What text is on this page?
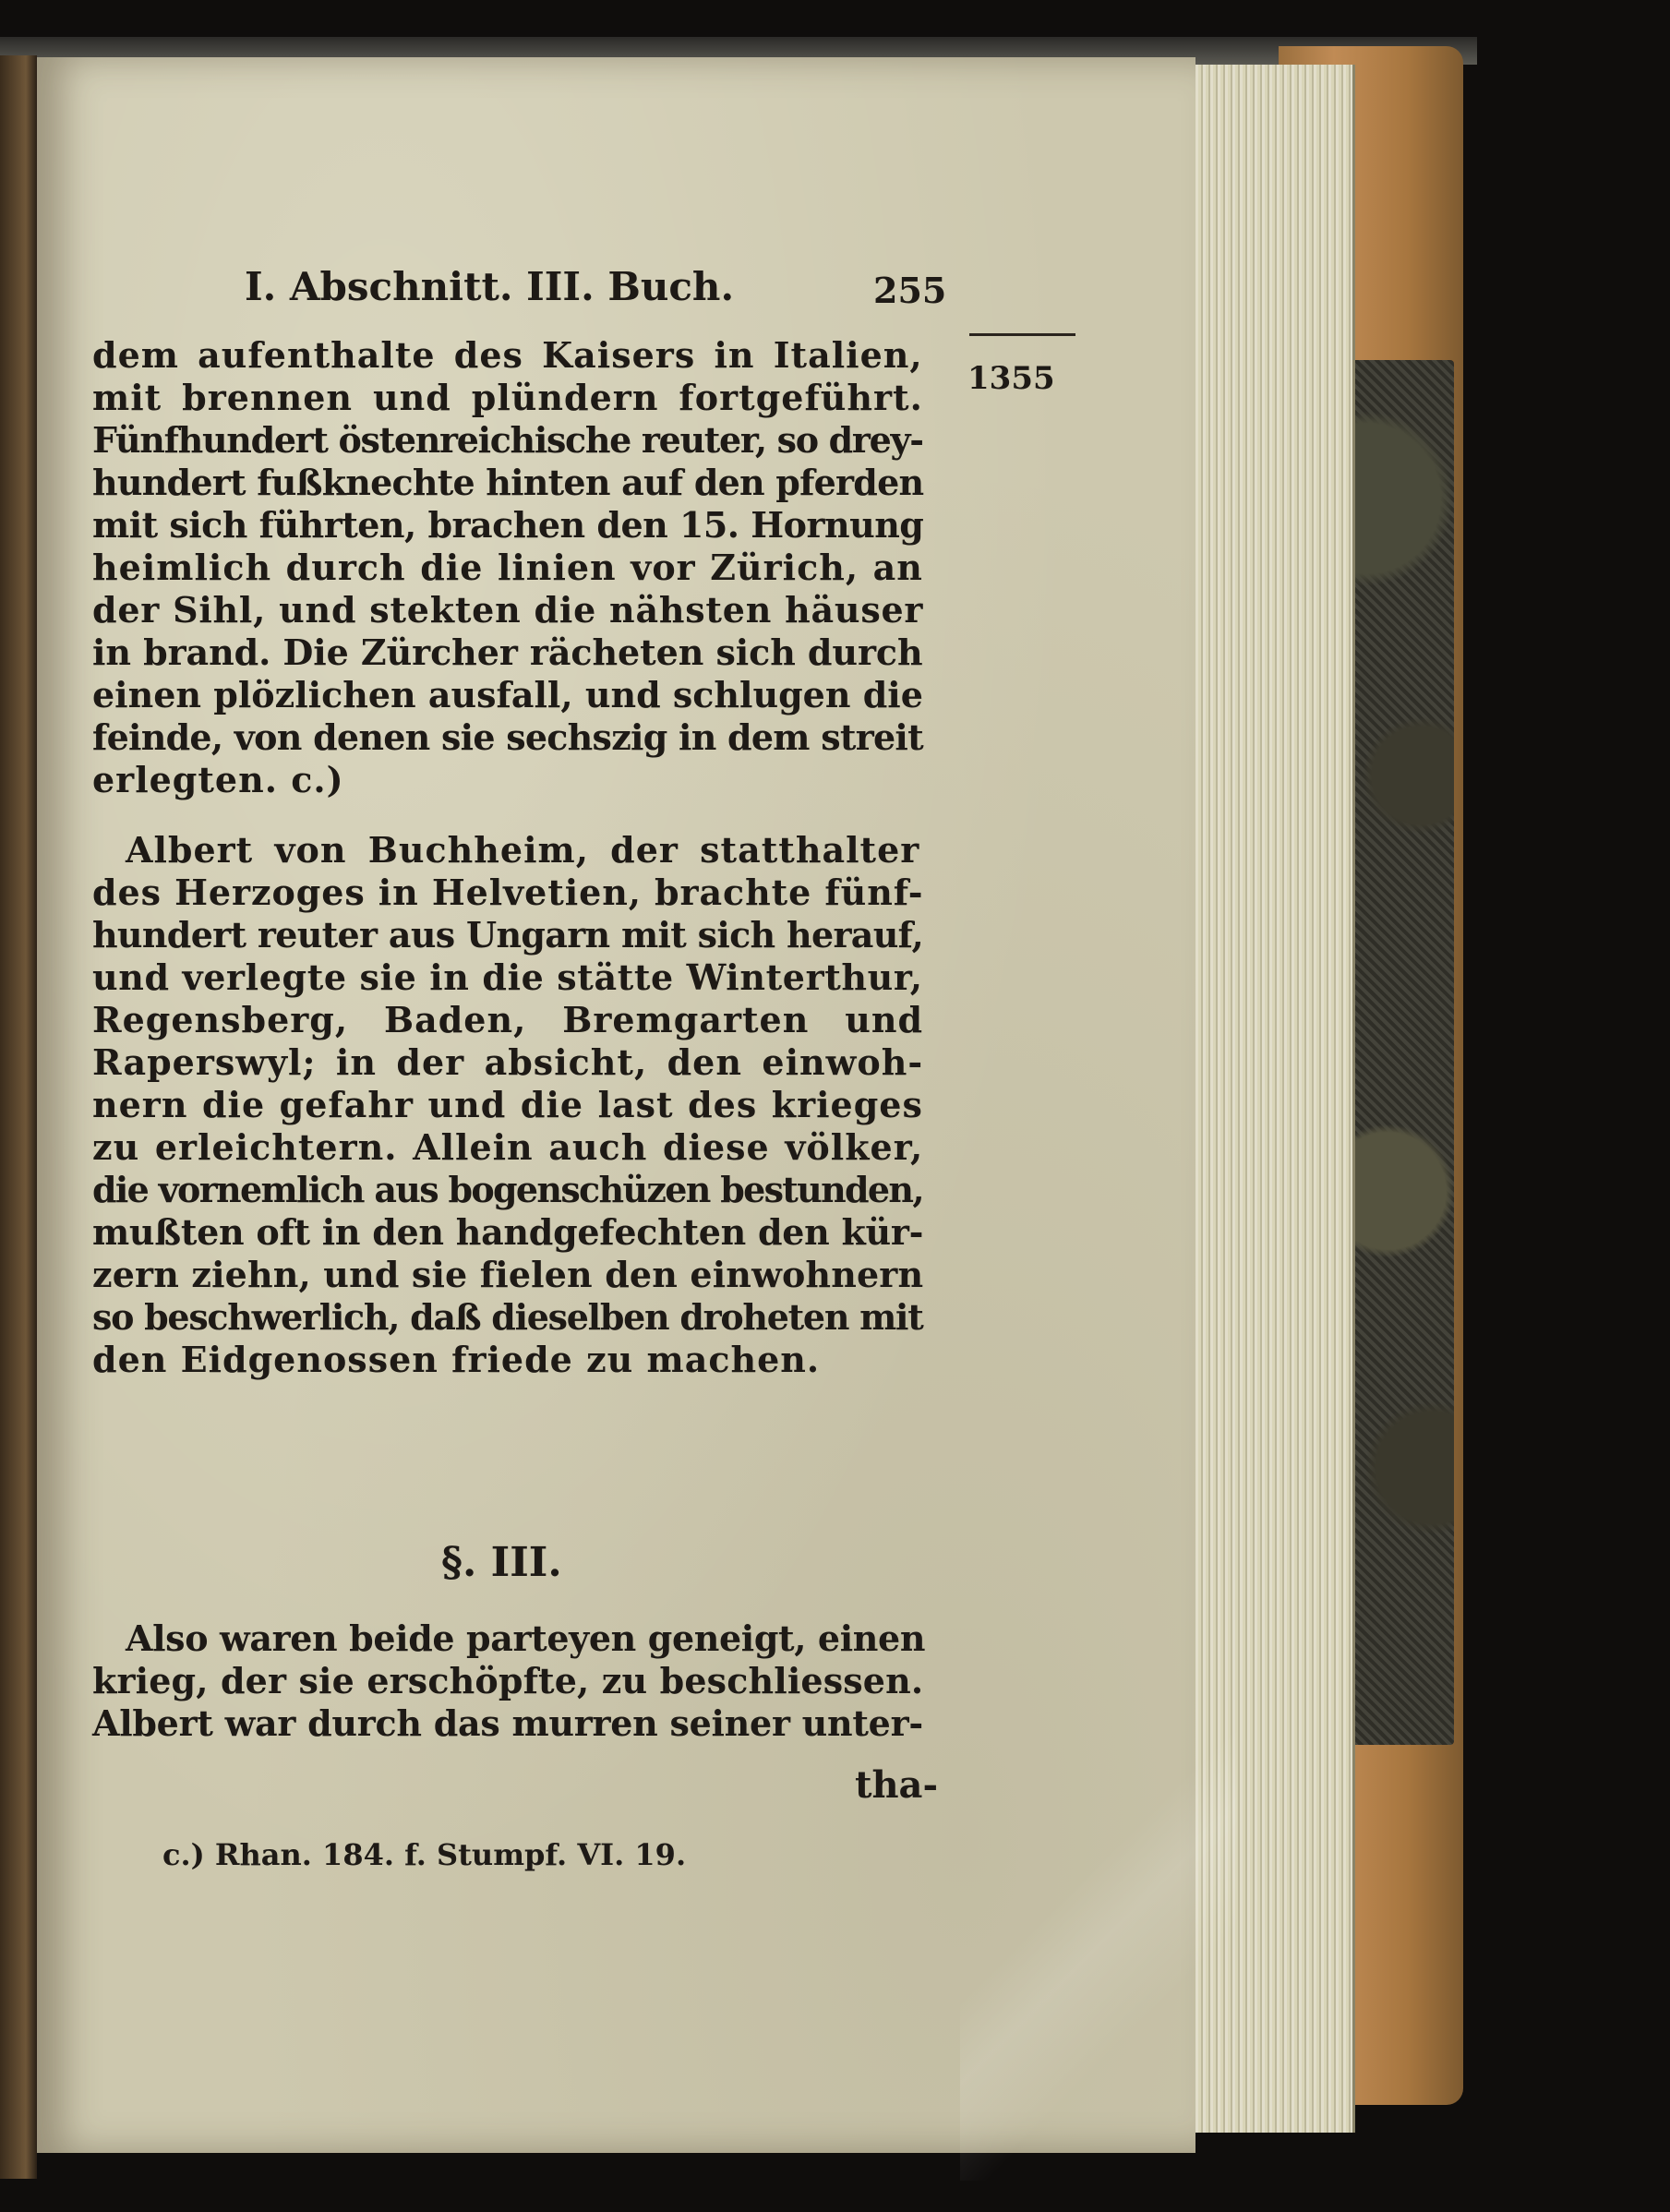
I. Abschnitt. III. Buch.	255
1355
dem aufenthalte des Kaisers in Italien,
mit brennen und plündern fortgeführt.
Fünfhundert östenreichische reuter, so drey-
hundert fußknechte hinten auf den pferden
mit sich führten, brachen den 15. Hornung
heimlich durch die linien vor Zürich, an
der Sihl, und stekten die nähsten häuser
in brand. Die Zürcher rächeten sich durch
einen plözlichen ausfall, und schlugen die
feinde, von denen sie sechszig in dem streit
erlegten. c.)
Albert von Buchheim, der statthalter
des Herzoges in Helvetien, brachte fünf-
hundert reuter aus Ungarn mit sich herauf,
und verlegte sie in die stätte Winterthur,
Regensberg, Baden, Bremgarten und
Raperswyl; in der absicht, den einwoh-
nern die gefahr und die last des krieges
zu erleichtern. Allein auch diese völker,
die vornemlich aus bogenschüzen bestunden,
mußten oft in den handgefechten den kür-
zern ziehn, und sie fielen den einwohnern
so beschwerlich, daß dieselben droheten mit
den Eidgenossen friede zu machen.
§. III.
Also waren beide parteyen geneigt, einen
krieg, der sie erschöpfte, zu beschliessen.
Albert war durch das murren seiner unter-
tha-
c.) Rhan. 184. f. Stumpf. VI. 19.
